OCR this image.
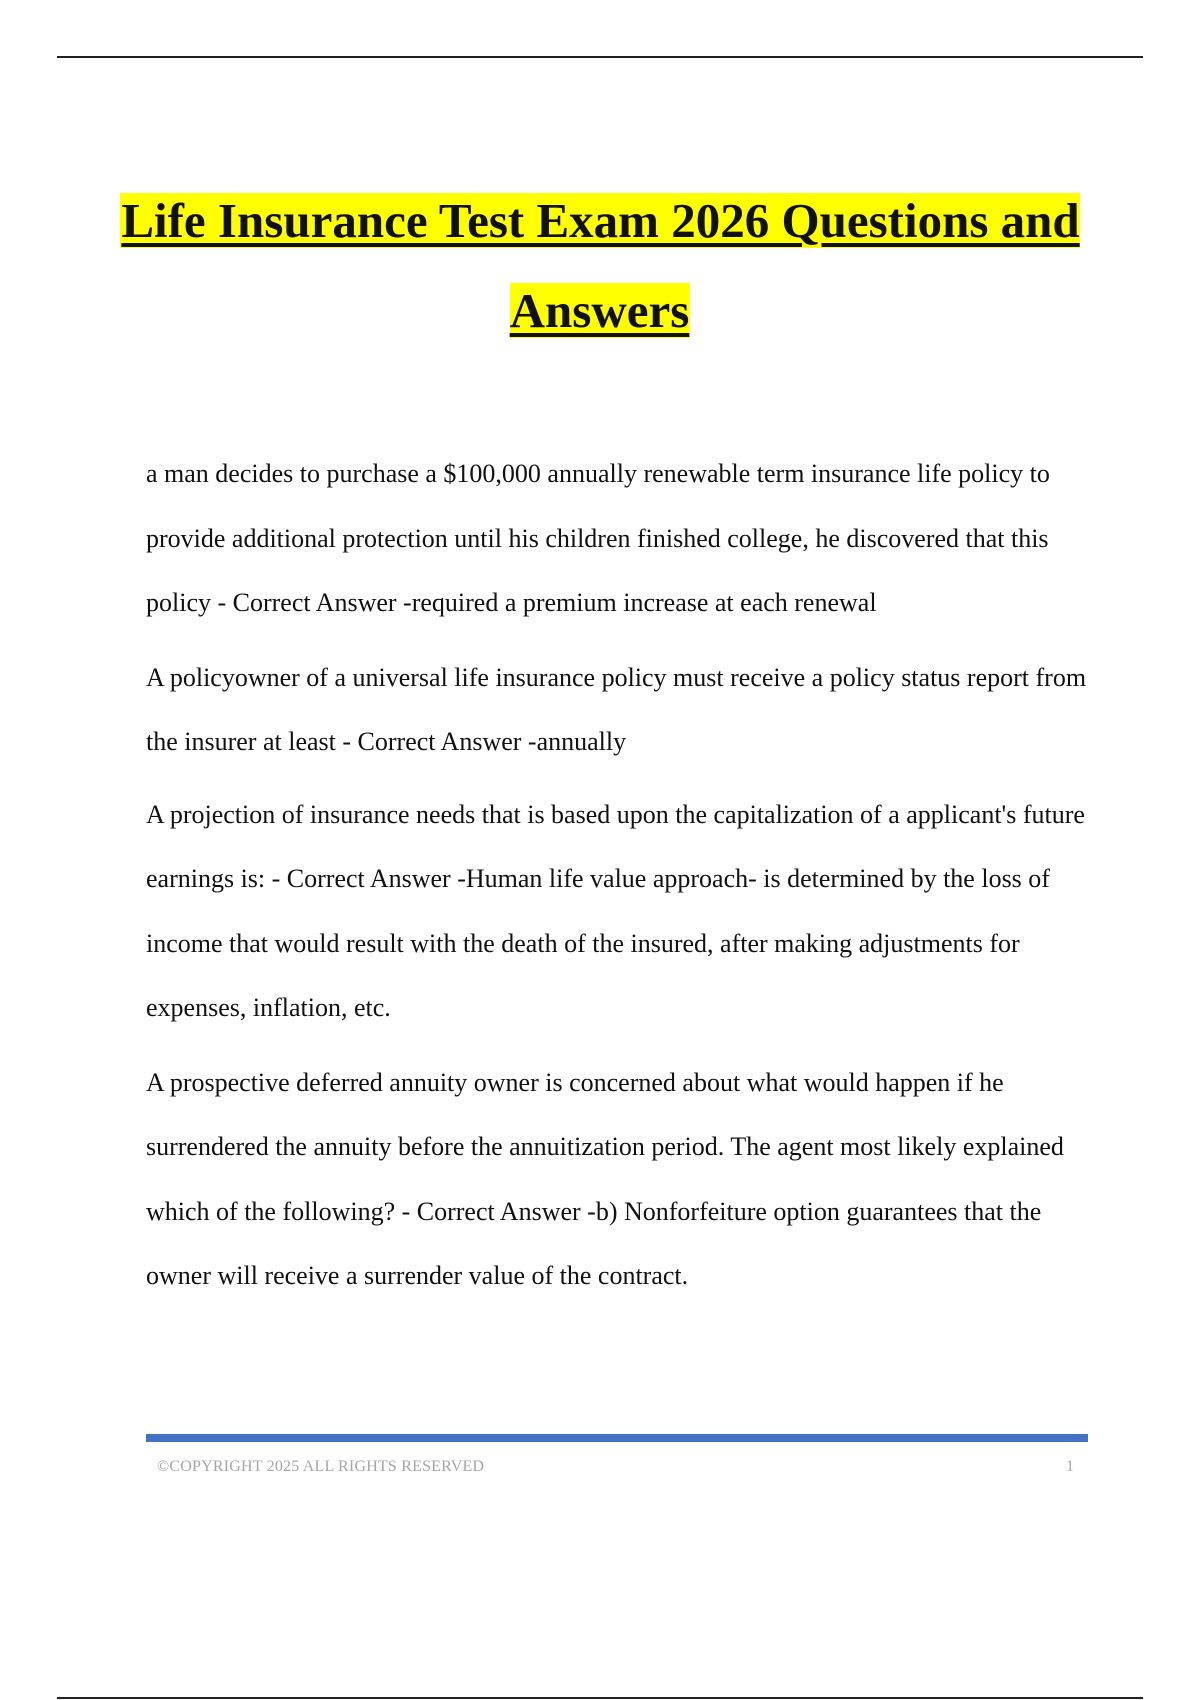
Life Insurance Test Exam 2026 Questions and Answers

a man decides to purchase a $100,000 annually renewable term insurance life policy to provide additional protection until his children finished college, he discovered that this policy - Correct Answer -required a premium increase at each renewal

A policyowner of a universal life insurance policy must receive a policy status report from the insurer at least - Correct Answer -annually

A projection of insurance needs that is based upon the capitalization of a applicant's future earnings is: - Correct Answer -Human life value approach- is determined by the loss of income that would result with the death of the insured, after making adjustments for expenses, inflation, etc.

A prospective deferred annuity owner is concerned about what would happen if he surrendered the annuity before the annuitization period. The agent most likely explained which of the following? - Correct Answer -b) Nonforfeiture option guarantees that the owner will receive a surrender value of the contract.

©COPYRIGHT 2025 ALL RIGHTS RESERVED	1
